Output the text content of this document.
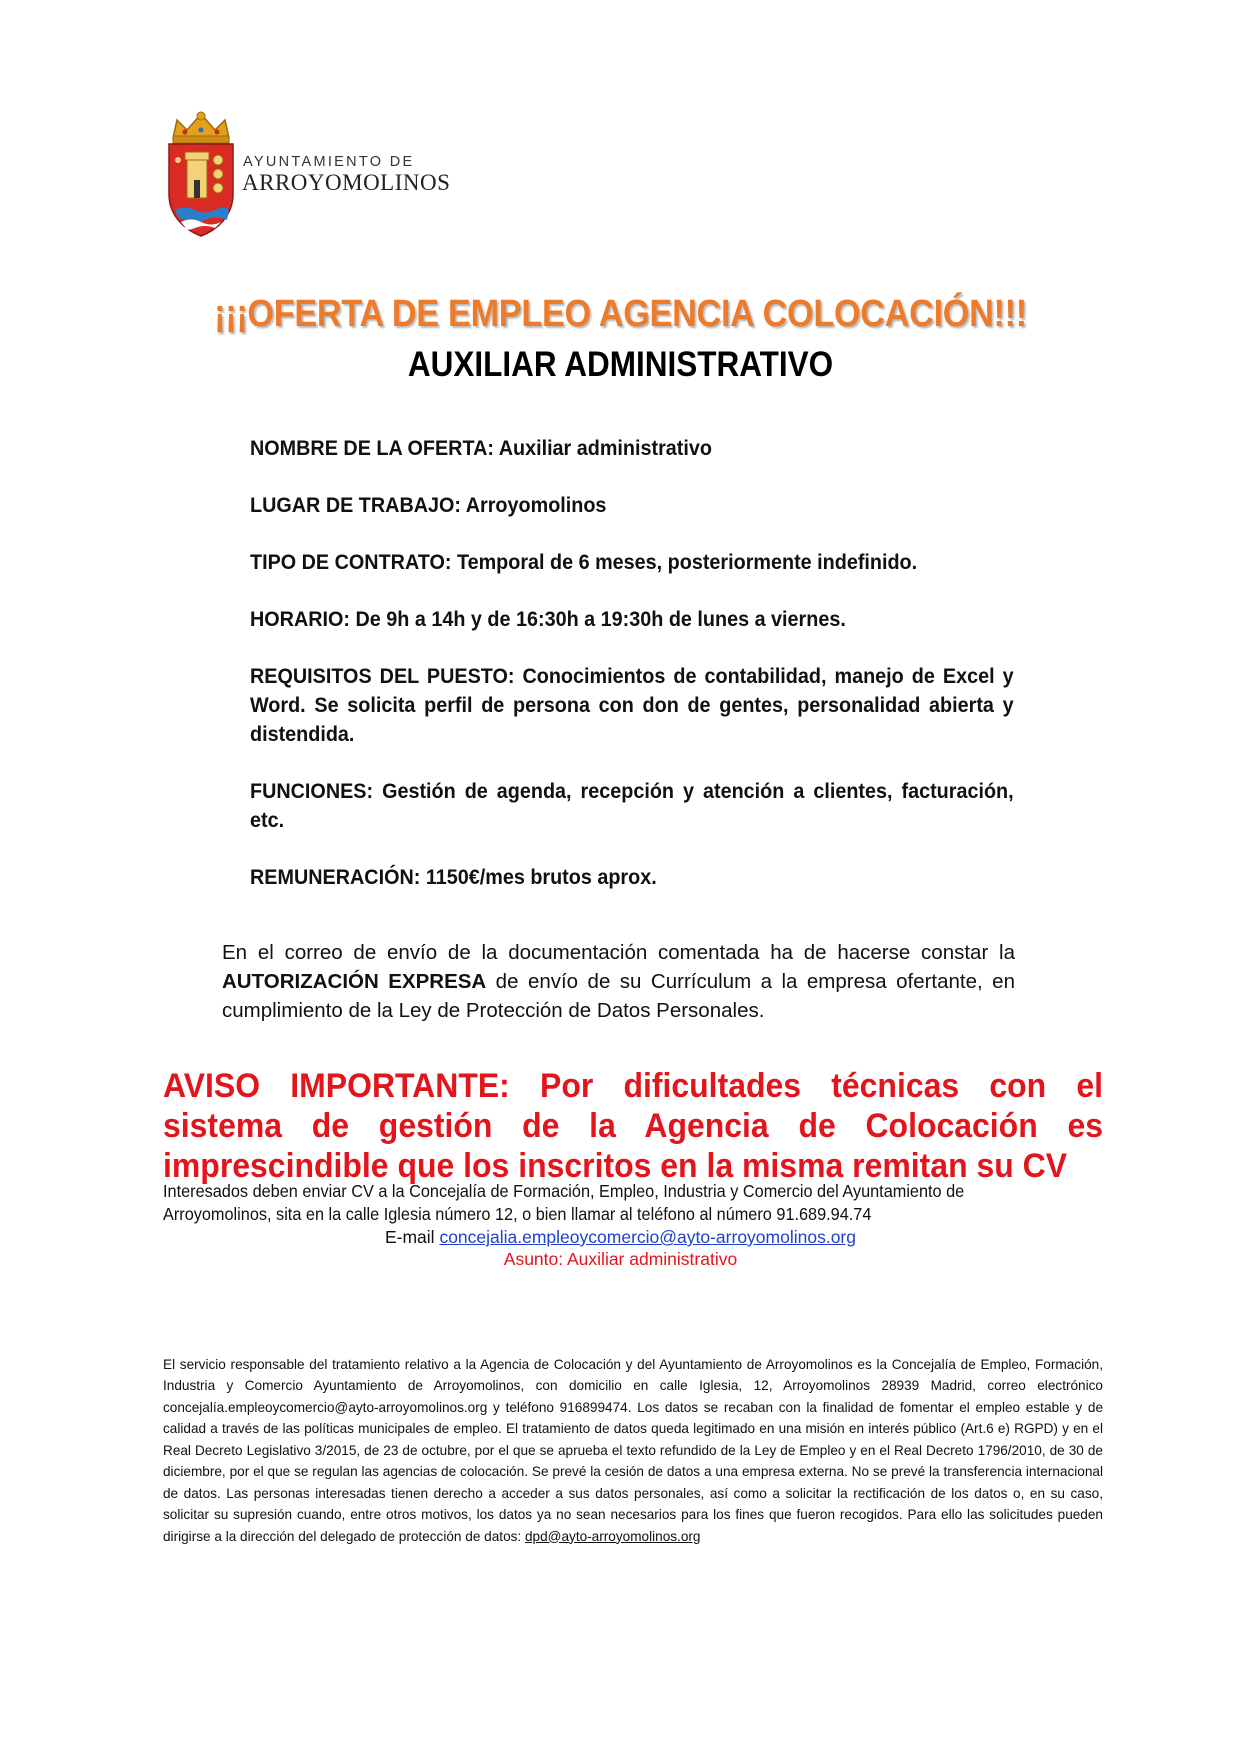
AYUNTAMIENTO DE
ARROYOMOLINOS
¡¡¡OFERTA DE EMPLEO AGENCIA COLOCACIÓN!!!
AUXILIAR ADMINISTRATIVO

NOMBRE DE LA OFERTA: Auxiliar administrativo

LUGAR DE TRABAJO: Arroyomolinos

TIPO DE CONTRATO: Temporal de 6 meses, posteriormente indefinido.

HORARIO: De 9h a 14h y de 16:30h a 19:30h de lunes a viernes.

REQUISITOS DEL PUESTO: Conocimientos de contabilidad, manejo de Excel y Word. Se solicita perfil de persona con don de gentes, personalidad abierta y distendida.

FUNCIONES: Gestión de agenda, recepción y atención a clientes, facturación, etc.

REMUNERACIÓN: 1150€/mes brutos aprox.

En el correo de envío de la documentación comentada ha de hacerse constar la AUTORIZACIÓN EXPRESA de envío de su Currículum a la empresa ofertante, en cumplimiento de la Ley de Protección de Datos Personales.

AVISO IMPORTANTE: Por dificultades técnicas con el sistema de gestión de la Agencia de Colocación es imprescindible que los inscritos en la misma remitan su CV

Interesados deben enviar CV a la Concejalía de Formación, Empleo, Industria y Comercio del Ayuntamiento de
Arroyomolinos, sita en la calle Iglesia número 12, o bien llamar al teléfono al número 91.689.94.74
E-mail concejalia.empleoycomercio@ayto-arroyomolinos.org
Asunto: Auxiliar administrativo

El servicio responsable del tratamiento relativo a la Agencia de Colocación y del Ayuntamiento de Arroyomolinos es la Concejalía de Empleo, Formación, Industria y Comercio Ayuntamiento de Arroyomolinos, con domicilio en calle Iglesia, 12, Arroyomolinos 28939 Madrid, correo electrónico concejalía.empleoycomercio@ayto-arroyomolinos.org y teléfono 916899474. Los datos se recaban con la finalidad de fomentar el empleo estable y de calidad a través de las políticas municipales de empleo. El tratamiento de datos queda legitimado en una misión en interés público (Art.6 e) RGPD) y en el Real Decreto Legislativo 3/2015, de 23 de octubre, por el que se aprueba el texto refundido de la Ley de Empleo y en el Real Decreto 1796/2010, de 30 de diciembre, por el que se regulan las agencias de colocación. Se prevé la cesión de datos a una empresa externa. No se prevé la transferencia internacional de datos. Las personas interesadas tienen derecho a acceder a sus datos personales, así como a solicitar la rectificación de los datos o, en su caso, solicitar su supresión cuando, entre otros motivos, los datos ya no sean necesarios para los fines que fueron recogidos. Para ello las solicitudes pueden dirigirse a la dirección del delegado de protección de datos: dpd@ayto-arroyomolinos.org
